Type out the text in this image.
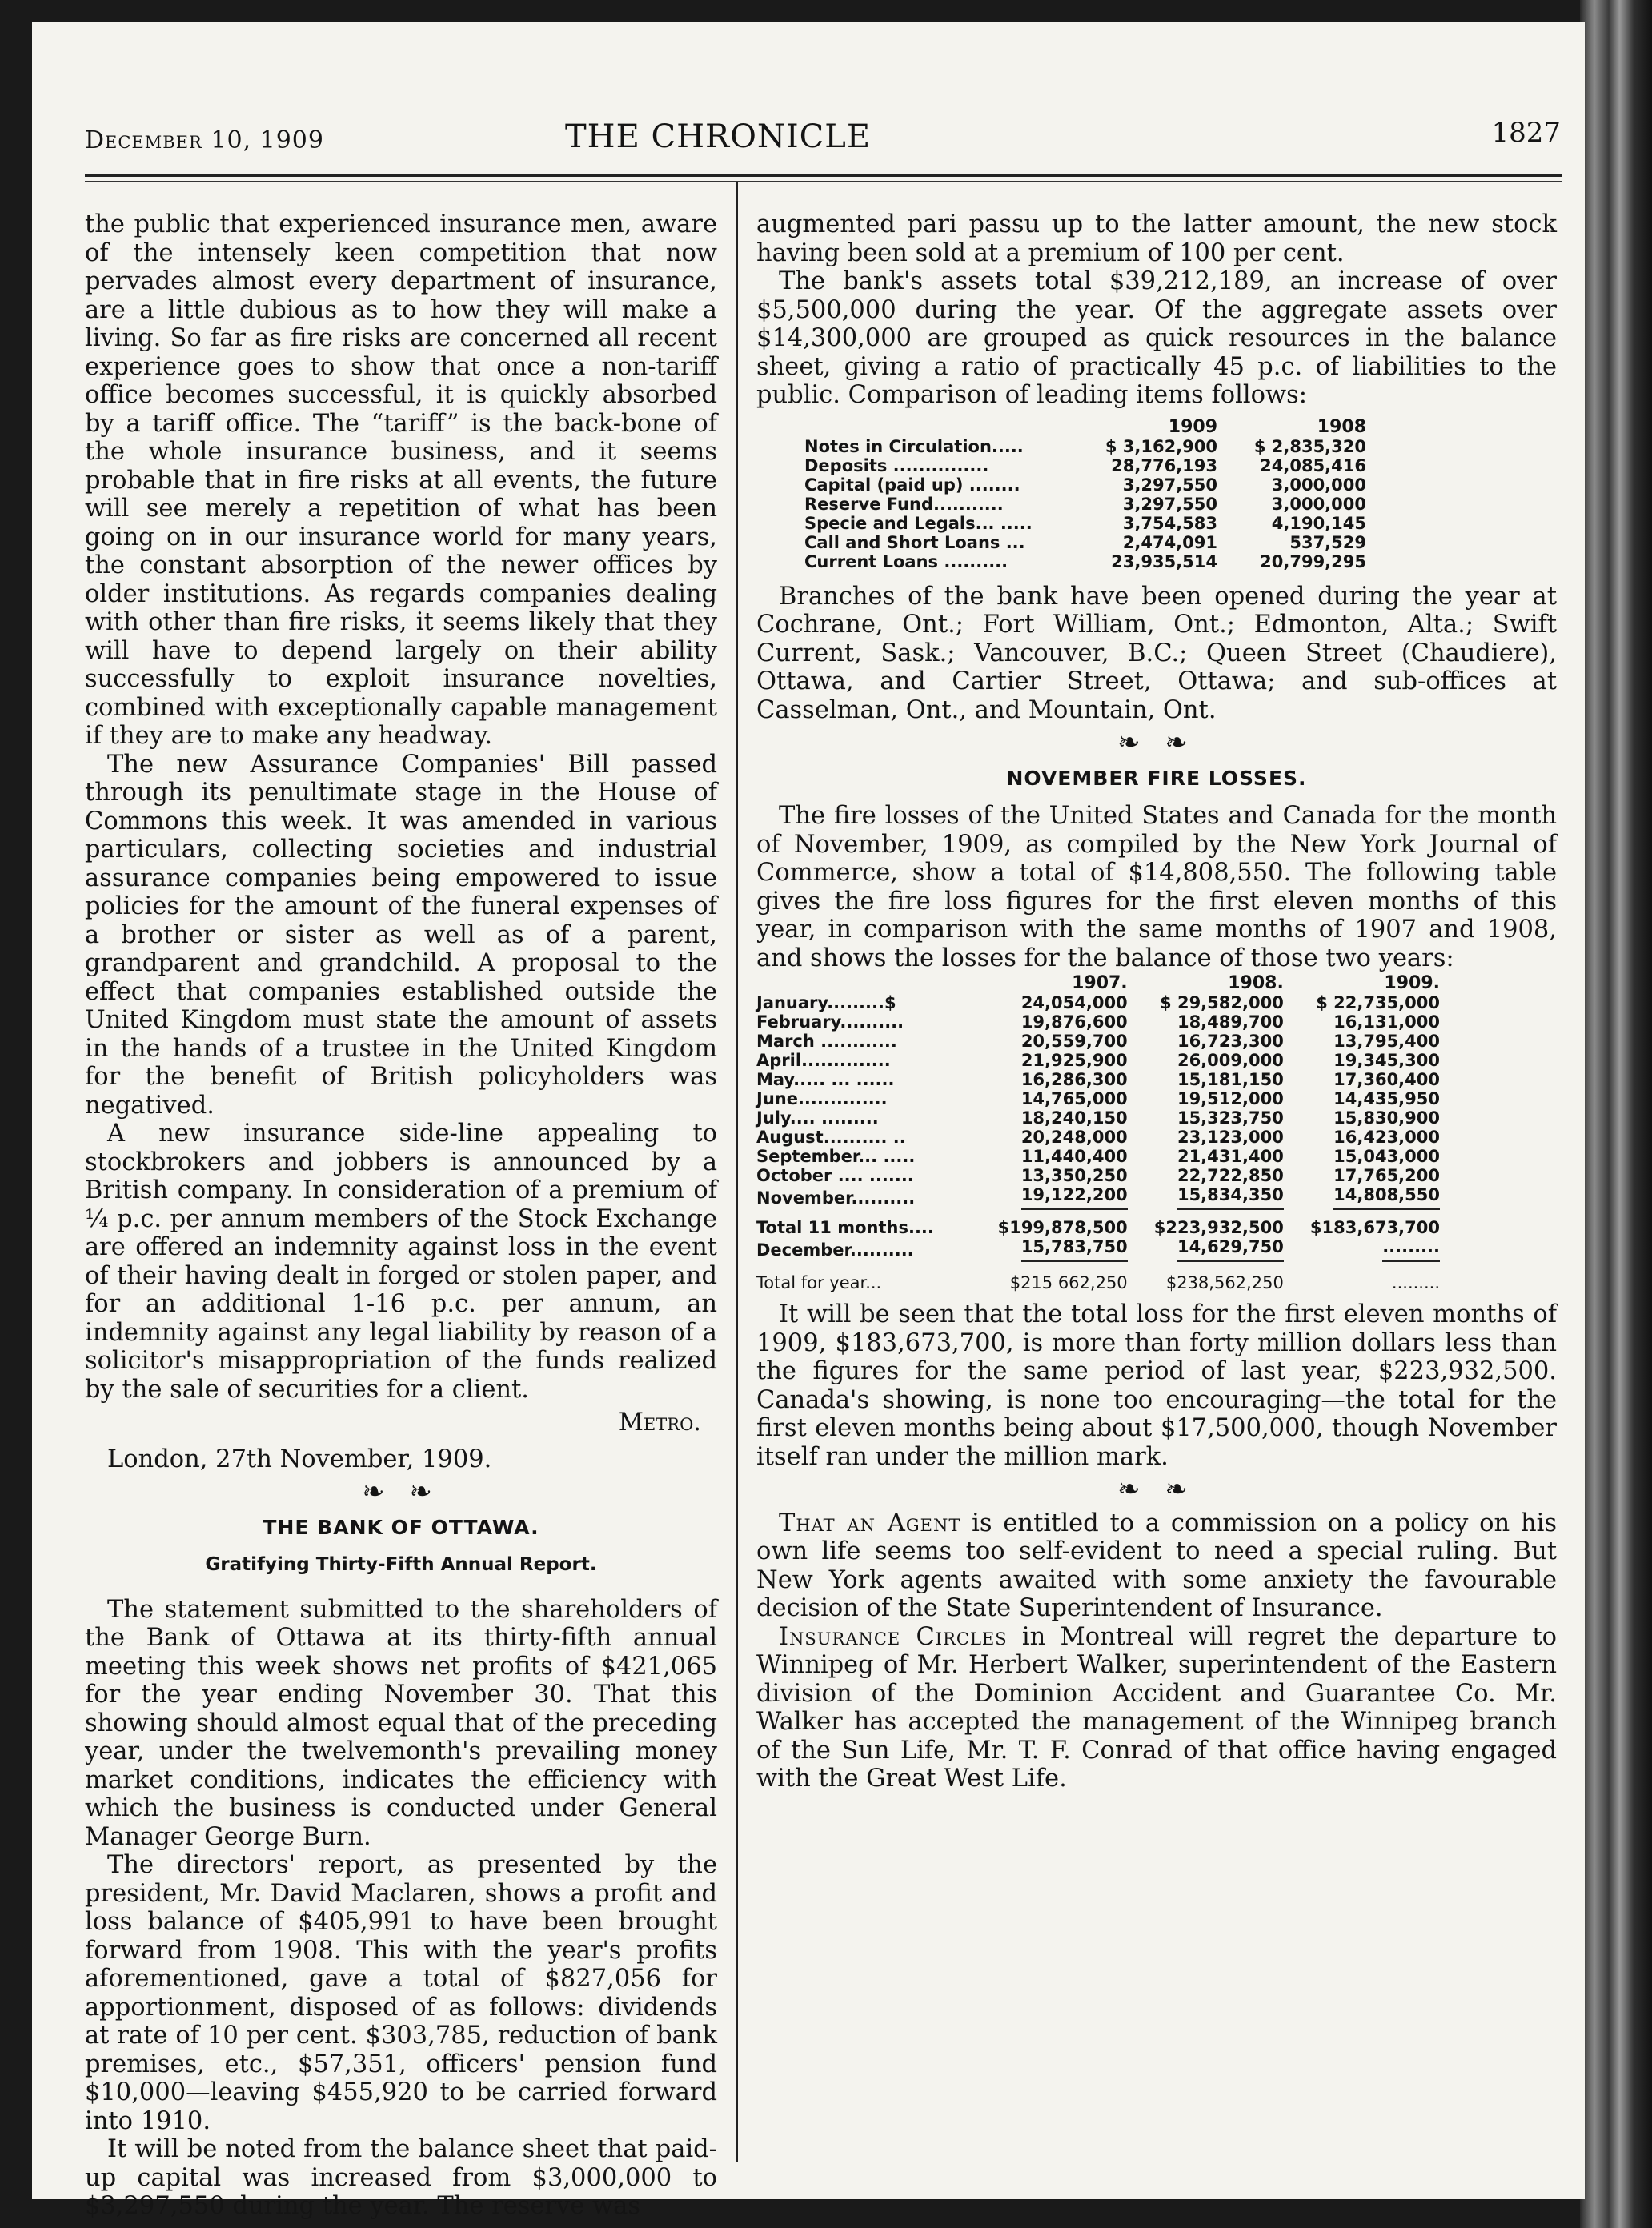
December 10, 1909	THE CHRONICLE	1827

the public that experienced insurance men, aware of the intensely keen competition that now pervades almost every department of insurance, are a little dubious as to how they will make a living. So far as fire risks are concerned all recent experience goes to show that once a non-tariff office becomes successful, it is quickly absorbed by a tariff office. The “tariff” is the back-bone of the whole insurance business, and it seems probable that in fire risks at all events, the future will see merely a repetition of what has been going on in our insurance world for many years, the constant absorption of the newer offices by older institutions. As regards companies dealing with other than fire risks, it seems likely that they will have to depend largely on their ability successfully to exploit insurance novelties, combined with exceptionally capable management if they are to make any headway.

The new Assurance Companies' Bill passed through its penultimate stage in the House of Commons this week. It was amended in various particulars, collecting societies and industrial assurance companies being empowered to issue policies for the amount of the funeral expenses of a brother or sister as well as of a parent, grandparent and grandchild. A proposal to the effect that companies established outside the United Kingdom must state the amount of assets in the hands of a trustee in the United Kingdom for the benefit of British policyholders was negatived.

A new insurance side-line appealing to stockbrokers and jobbers is announced by a British company. In consideration of a premium of ¼ p.c. per annum members of the Stock Exchange are offered an indemnity against loss in the event of their having dealt in forged or stolen paper, and for an additional 1-16 p.c. per annum, an indemnity against any legal liability by reason of a solicitor's misappropriation of the funds realized by the sale of securities for a client.

Metro.

London, 27th November, 1909.

❧ ❧
THE BANK OF OTTAWA.
Gratifying Thirty-Fifth Annual Report.

The statement submitted to the shareholders of the Bank of Ottawa at its thirty-fifth annual meeting this week shows net profits of $421,065 for the year ending November 30. That this showing should almost equal that of the preceding year, under the twelvemonth's prevailing money market conditions, indicates the efficiency with which the business is conducted under General Manager George Burn.

The directors' report, as presented by the president, Mr. David Maclaren, shows a profit and loss balance of $405,991 to have been brought forward from 1908. This with the year's profits aforementioned, gave a total of $827,056 for apportionment, disposed of as follows: dividends at rate of 10 per cent. $303,785, reduction of bank premises, etc., $57,351, officers' pension fund $10,000—leaving $455,920 to be carried forward into 1910.

It will be noted from the balance sheet that paid-up capital was increased from $3,000,000 to $3,297,550 during the year. The reserve was

augmented pari passu up to the latter amount, the new stock having been sold at a premium of 100 per cent.

The bank's assets total $39,212,189, an increase of over $5,500,000 during the year. Of the aggregate assets over $14,300,000 are grouped as quick resources in the balance sheet, giving a ratio of practically 45 p.c. of liabilities to the public. Comparison of leading items follows:

	1909	1908
Notes in Circulation.....	$ 3,162,900	$ 2,835,320
Deposits ...............	28,776,193	24,085,416
Capital (paid up) ........	3,297,550	3,000,000
Reserve Fund...........	3,297,550	3,000,000
Specie and Legals... .....	3,754,583	4,190,145
Call and Short Loans ...	2,474,091	537,529
Current Loans ..........	23,935,514	20,799,295

Branches of the bank have been opened during the year at Cochrane, Ont.; Fort William, Ont.; Edmonton, Alta.; Swift Current, Sask.; Vancouver, B.C.; Queen Street (Chaudiere), Ottawa, and Cartier Street, Ottawa; and sub-offices at Casselman, Ont., and Mountain, Ont.

❧ ❧
NOVEMBER FIRE LOSSES.

The fire losses of the United States and Canada for the month of November, 1909, as compiled by the New York Journal of Commerce, show a total of $14,808,550. The following table gives the fire loss figures for the first eleven months of this year, in comparison with the same months of 1907 and 1908, and shows the losses for the balance of those two years:

	1907.	1908.	1909.
January.........$	24,054,000	$ 29,582,000	$ 22,735,000
February..........	19,876,600	18,489,700	16,131,000
March ............	20,559,700	16,723,300	13,795,400
April..............	21,925,900	26,009,000	19,345,300
May..... ... ......	16,286,300	15,181,150	17,360,400
June..............	14,765,000	19,512,000	14,435,950
July.... .........	18,240,150	15,323,750	15,830,900
August.......... ..	20,248,000	23,123,000	16,423,000
September... .....	11,440,400	21,431,400	15,043,000
October .... .......	13,350,250	22,722,850	17,765,200
November..........	19,122,200	15,834,350	14,808,550
Total 11 months....	$199,878,500	$223,932,500	$183,673,700
December..........	15,783,750	14,629,750	.........
Total for year...	$215 662,250	$238,562,250	.........

It will be seen that the total loss for the first eleven months of 1909, $183,673,700, is more than forty million dollars less than the figures for the same period of last year, $223,932,500. Canada's showing, is none too encouraging—the total for the first eleven months being about $17,500,000, though November itself ran under the million mark.

❧ ❧

That an Agent is entitled to a commission on a policy on his own life seems too self-evident to need a special ruling. But New York agents awaited with some anxiety the favourable decision of the State Superintendent of Insurance.

Insurance Circles in Montreal will regret the departure to Winnipeg of Mr. Herbert Walker, superintendent of the Eastern division of the Dominion Accident and Guarantee Co. Mr. Walker has accepted the management of the Winnipeg branch of the Sun Life, Mr. T. F. Conrad of that office having engaged with the Great West Life.
